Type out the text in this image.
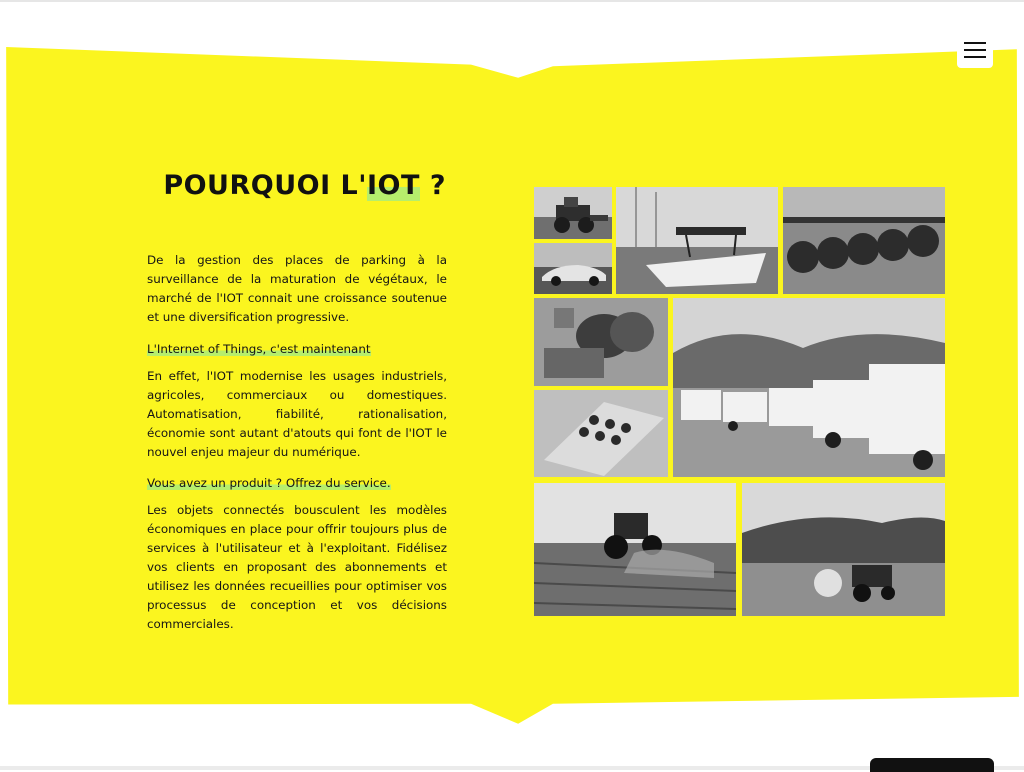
POURQUOI L'IOT ?

De la gestion des places de parking à la surveillance de la maturation de végétaux, le marché de l'IOT connait une croissance soutenue et une diversification progressive.

L'Internet of Things, c'est maintenant

En effet, l'IOT modernise les usages industriels, agricoles, commerciaux ou domestiques. Automatisation, fiabilité, rationalisation, économie sont autant d'atouts qui font de l'IOT le nouvel enjeu majeur du numérique.

Vous avez un produit ? Offrez du service.

Les objets connectés bousculent les modèles économiques en place pour offrir toujours plus de services à l'utilisateur et à l'exploitant. Fidélisez vos clients en proposant des abonnements et utilisez les données recueillies pour optimiser vos processus de conception et vos décisions commerciales.
